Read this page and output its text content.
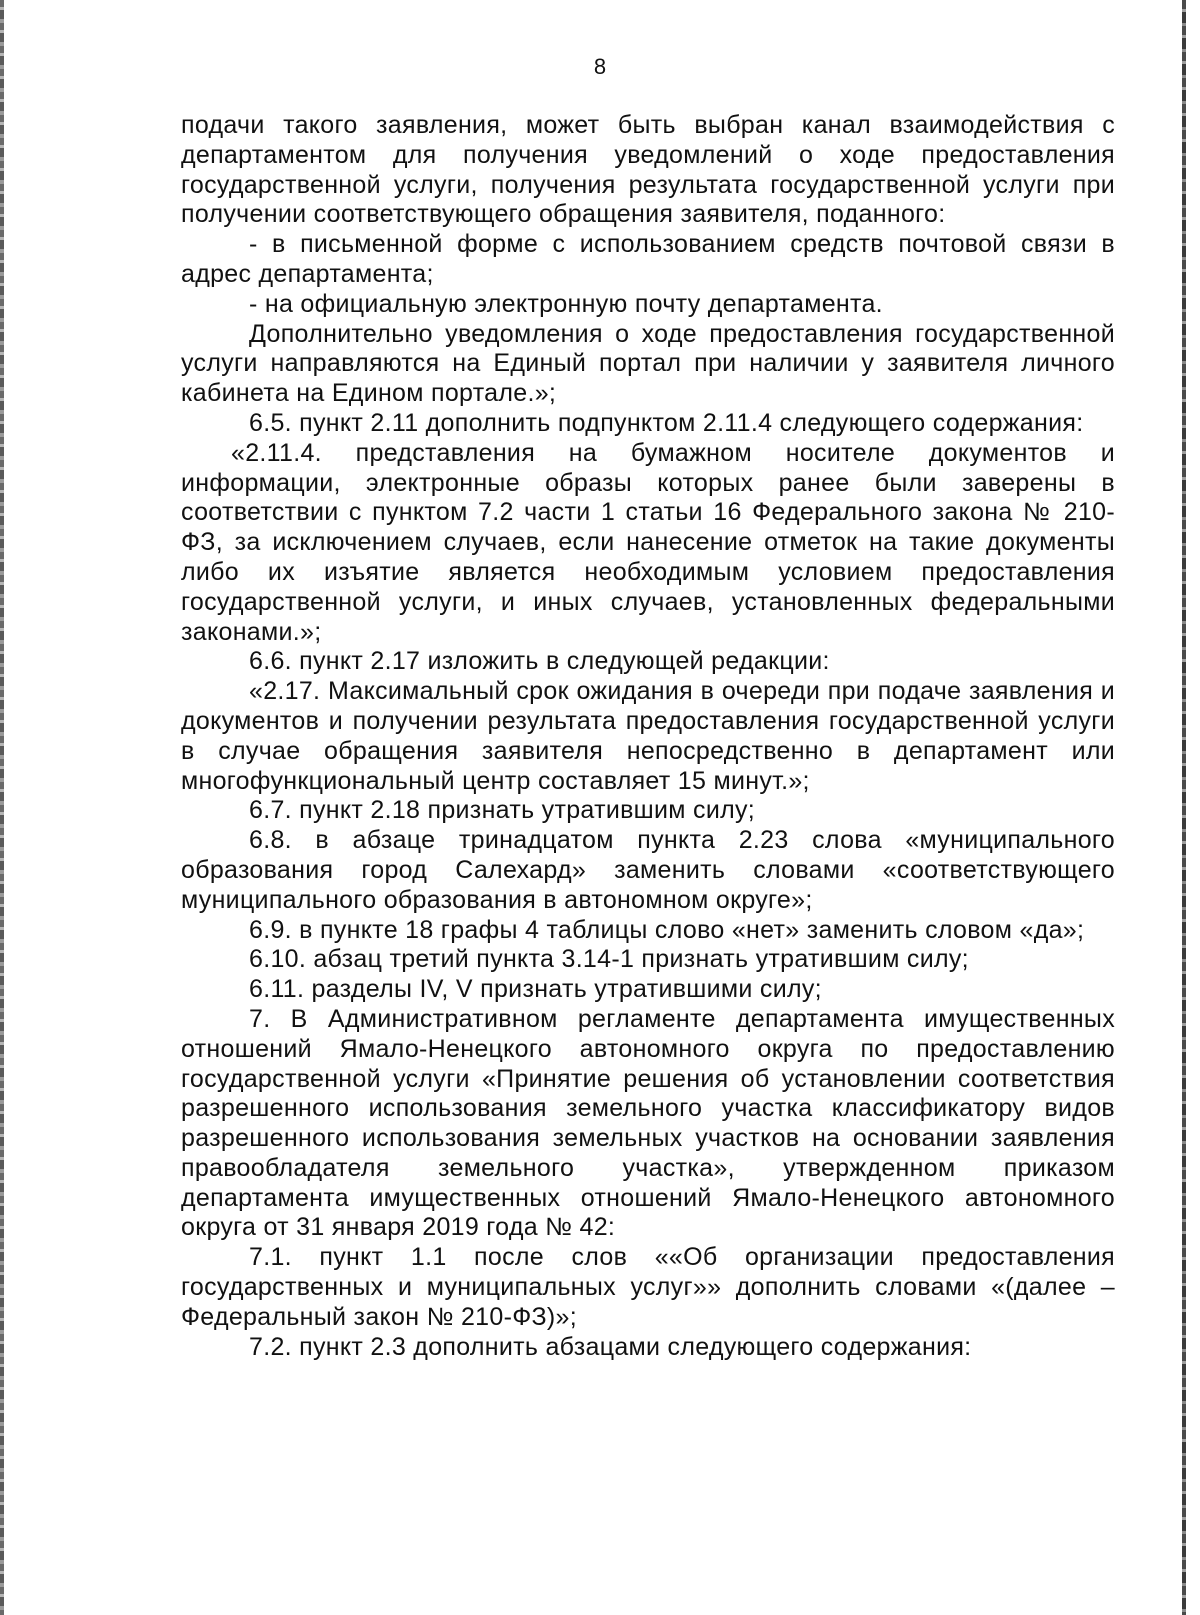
8

подачи такого заявления, может быть выбран канал взаимодействия с департаментом для получения уведомлений о ходе предоставления государственной услуги, получения результата государственной услуги при получении соответствующего обращения заявителя, поданного:

- в письменной форме с использованием средств почтовой связи в адрес департамента;

- на официальную электронную почту департамента.

Дополнительно уведомления о ходе предоставления государственной услуги направляются на Единый портал при наличии у заявителя личного кабинета на Едином портале.»;

6.5. пункт 2.11 дополнить подпунктом 2.11.4 следующего содержания:

«2.11.4. представления на бумажном носителе документов и информации, электронные образы которых ранее были заверены в соответствии с пунктом 7.2 части 1 статьи 16 Федерального закона № 210-ФЗ, за исключением случаев, если нанесение отметок на такие документы либо их изъятие является необходимым условием предоставления государственной услуги, и иных случаев, установленных федеральными законами.»;

6.6. пункт 2.17 изложить в следующей редакции:

«2.17. Максимальный срок ожидания в очереди при подаче заявления и документов и получении результата предоставления государственной услуги в случае обращения заявителя непосредственно в департамент или многофункциональный центр составляет 15 минут.»;

6.7. пункт 2.18 признать утратившим силу;

6.8. в абзаце тринадцатом пункта 2.23 слова «муниципального образования город Салехард» заменить словами «соответствующего муниципального образования в автономном округе»;

6.9. в пункте 18 графы 4 таблицы слово «нет» заменить словом «да»;

6.10. абзац третий пункта 3.14-1 признать утратившим силу;

6.11. разделы IV, V признать утратившими силу;

7. В Административном регламенте департамента имущественных отношений Ямало-Ненецкого автономного округа по предоставлению государственной услуги «Принятие решения об установлении соответствия разрешенного использования земельного участка классификатору видов разрешенного использования земельных участков на основании заявления правообладателя земельного участка», утвержденном приказом департамента имущественных отношений Ямало-Ненецкого автономного округа от 31 января 2019 года № 42:

7.1. пункт 1.1 после слов ««Об организации предоставления государственных и муниципальных услуг»» дополнить словами «(далее – Федеральный закон № 210-ФЗ)»;

7.2. пункт 2.3 дополнить абзацами следующего содержания:
